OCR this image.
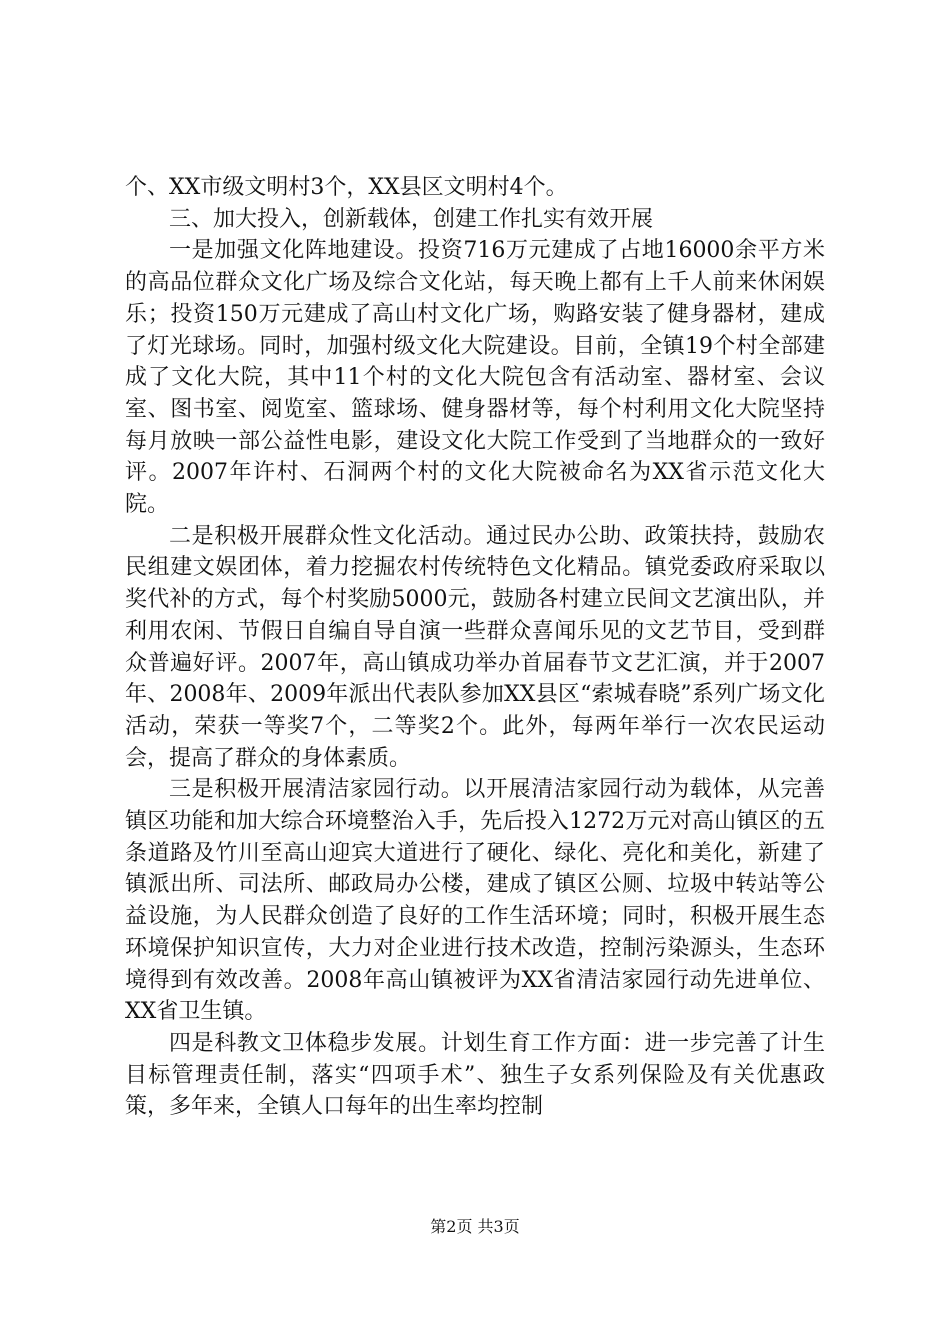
个、XX市级文明村3个，XX县区文明村4个。

三、加大投入，创新载体，创建工作扎实有效开展

一是加强文化阵地建设。投资716万元建成了占地16000余平方米的高品位群众文化广场及综合文化站，每天晚上都有上千人前来休闲娱乐；投资150万元建成了高山村文化广场，购路安装了健身器材，建成了灯光球场。同时，加强村级文化大院建设。目前，全镇19个村全部建成了文化大院，其中11个村的文化大院包含有活动室、器材室、会议室、图书室、阅览室、篮球场、健身器材等，每个村利用文化大院坚持每月放映一部公益性电影，建设文化大院工作受到了当地群众的一致好评。2007年许村、石洞两个村的文化大院被命名为XX省示范文化大院。

二是积极开展群众性文化活动。通过民办公助、政策扶持，鼓励农民组建文娱团体，着力挖掘农村传统特色文化精品。镇党委政府采取以奖代补的方式，每个村奖励5000元，鼓励各村建立民间文艺演出队，并利用农闲、节假日自编自导自演一些群众喜闻乐见的文艺节目，受到群众普遍好评。2007年，高山镇成功举办首届春节文艺汇演，并于2007年、2008年、2009年派出代表队参加XX县区“索城春晓”系列广场文化活动，荣获一等奖7个，二等奖2个。此外，每两年举行一次农民运动会，提高了群众的身体素质。

三是积极开展清洁家园行动。以开展清洁家园行动为载体，从完善镇区功能和加大综合环境整治入手，先后投入1272万元对高山镇区的五条道路及竹川至高山迎宾大道进行了硬化、绿化、亮化和美化，新建了镇派出所、司法所、邮政局办公楼，建成了镇区公厕、垃圾中转站等公益设施，为人民群众创造了良好的工作生活环境；同时，积极开展生态环境保护知识宣传，大力对企业进行技术改造，控制污染源头，生态环境得到有效改善。2008年高山镇被评为XX省清洁家园行动先进单位、XX省卫生镇。

四是科教文卫体稳步发展。计划生育工作方面：进一步完善了计生目标管理责任制，落实“四项手术”、独生子女系列保险及有关优惠政策，多年来，全镇人口每年的出生率均控制

第2页 共3页
